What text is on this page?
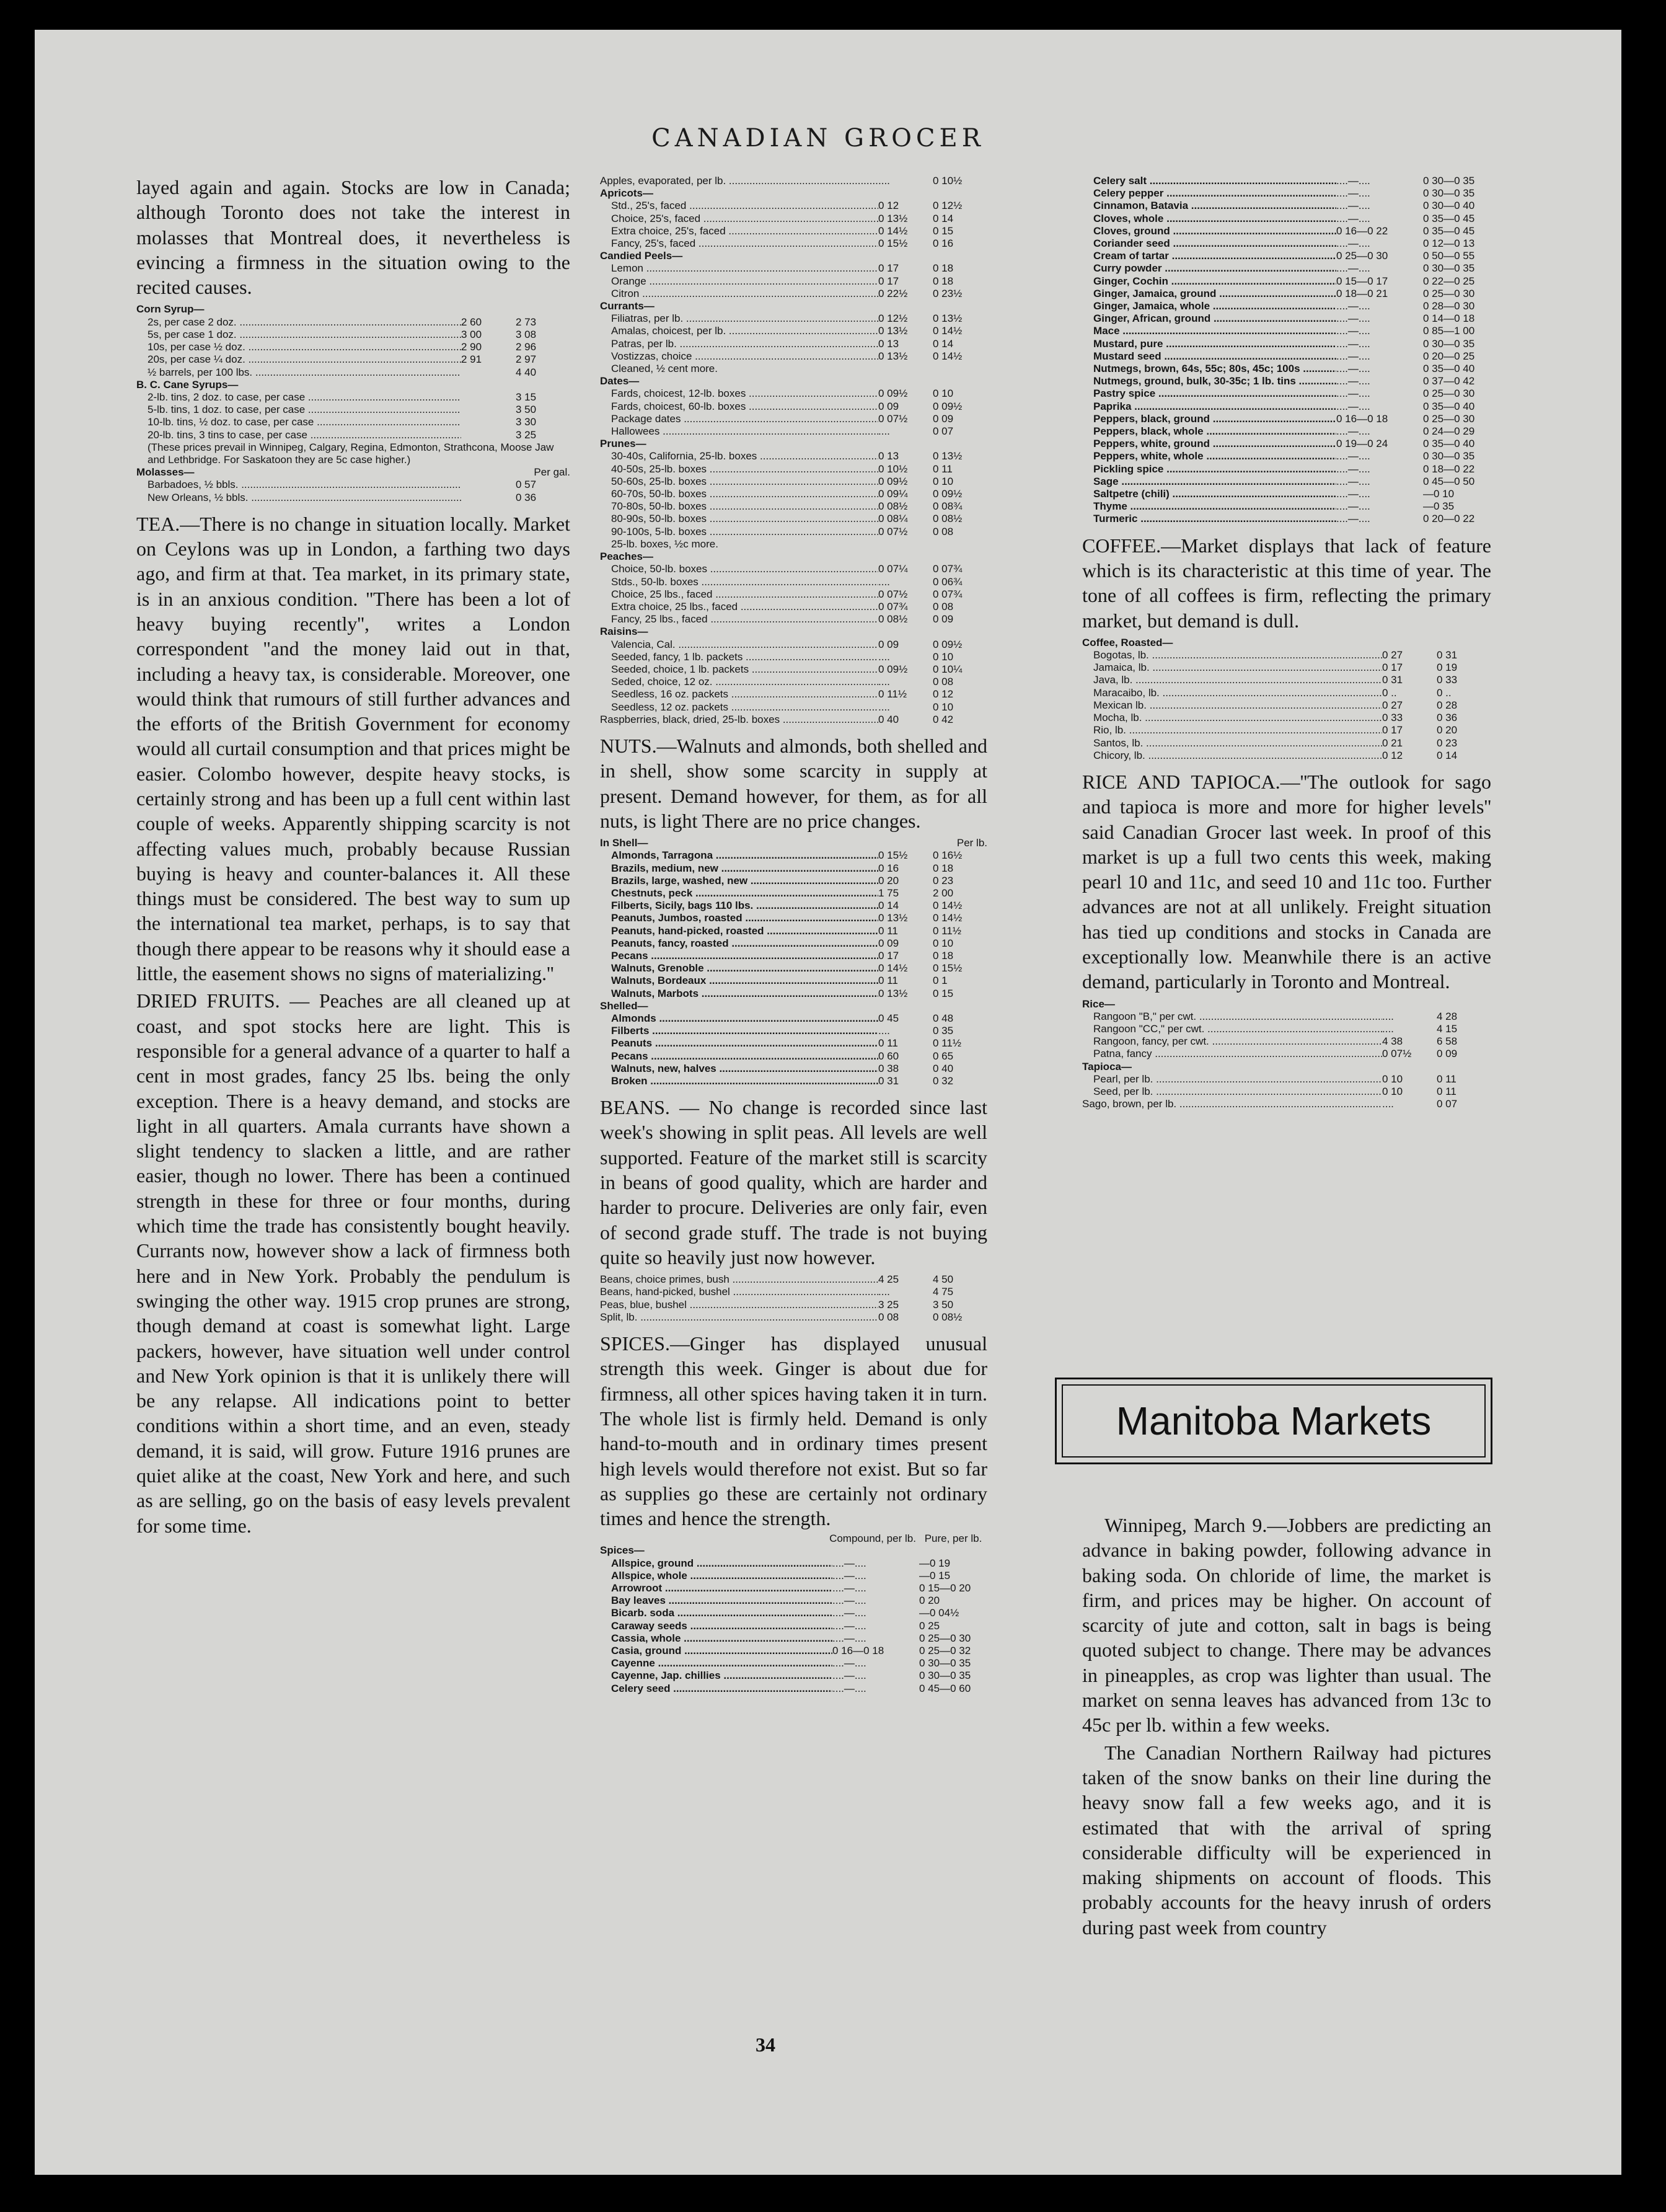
CANADIAN GROCER

layed again and again. Stocks are low in Canada; although Toronto does not take the interest in molasses that Montreal does, it nevertheless is evincing a firmness in the situation owing to the recited causes.

Corn Syrup—
2s, per case 2 doz. .....	2 60	2 73
5s, per case 1 doz. .....	3 00	3 08
10s, per case ½ doz. .....	2 90	2 96
20s, per case ¼ doz. .....	2 91	2 97
½ barrels, per 100 lbs. .....	4 40
B. C. Cane Syrups—
2-lb. tins, 2 doz. to case, per case .....	3 15
5-lb. tins, 1 doz. to case, per case .....	3 50
10-lb. tins, ½ doz. to case, per case .....	3 30
20-lb. tins, 3 tins to case, per case .....	3 25
(These prices prevail in Winnipeg, Calgary, Regina, Edmonton, Strathcona, Moose Jaw and Lethbridge. For Saskatoon they are 5c case higher.)
Molasses—	Per gal.
Barbadoes, ½ bbls. .....	0 57
New Orleans, ½ bbls. .....	0 36

TEA.—There is no change in situation locally. Market on Ceylons was up in London, a farthing two days ago, and firm at that. Tea market, in its primary state, is in an anxious condition. ''There has been a lot of heavy buying recently'', writes a London correspondent ''and the money laid out in that, including a heavy tax, is considerable. Moreover, one would think that rumours of still further advances and the efforts of the British Government for economy would all curtail consumption and that prices might be easier. Colombo however, despite heavy stocks, is certainly strong and has been up a full cent within last couple of weeks. Apparently shipping scarcity is not affecting values much, probably because Russian buying is heavy and counter-balances it. All these things must be considered. The best way to sum up the international tea market, perhaps, is to say that though there appear to be reasons why it should ease a little, the easement shows no signs of materializing.''

DRIED FRUITS. — Peaches are all cleaned up at coast, and spot stocks here are light. This is responsible for a general advance of a quarter to half a cent in most grades, fancy 25 lbs. being the only exception. There is a heavy demand, and stocks are light in all quarters. Amala currants have shown a slight tendency to slacken a little, and are rather easier, though no lower. There has been a continued strength in these for three or four months, during which time the trade has consistently bought heavily. Currants now, however show a lack of firmness both here and in New York. Probably the pendulum is swinging the other way. 1915 crop prunes are strong, though demand at coast is somewhat light. Large packers, however, have situation well under control and New York opinion is that it is unlikely there will be any relapse. All indications point to better conditions within a short time, and an even, steady demand, it is said, will grow. Future 1916 prunes are quiet alike at the coast, New York and here, and such as are selling, go on the basis of easy levels prevalent for some time.

Apples, evaporated, per lb. .....	....	0 10½
Apricots—
Std., 25's, faced .....	0 12	0 12½
Choice, 25's, faced .....	0 13½	0 14
Extra choice, 25's, faced .....	0 14½	0 15
Fancy, 25's, faced .....	0 15½	0 16
Candied Peels—
Lemon .....	0 17	0 18
Orange .....	0 17	0 18
Citron .....	0 22½	0 23½
Currants—
Filiatras, per lb. .....	0 12½	0 13½
Amalas, choicest, per lb. .....	0 13½	0 14½
Patras, per lb. .....	0 13	0 14
Vostizzas, choice .....	0 13½	0 14½
Cleaned, ½ cent more.
Dates—
Fards, choicest, 12-lb. boxes .....	0 09½	0 10
Fards, choicest, 60-lb. boxes .....	0 09	0 09½
Package dates .....	0 07½	0 09
Hallowees .....	....	0 07
Prunes—
30-40s, California, 25-lb. boxes .....	0 13	0 13½
40-50s, 25-lb. boxes .....	0 10½	0 11
50-60s, 25-lb. boxes .....	0 09½	0 10
60-70s, 50-lb. boxes .....	0 09¼	0 09½
70-80s, 50-lb. boxes .....	0 08½	0 08¾
80-90s, 50-lb. boxes .....	0 08¼	0 08½
90-100s, 5-lb. boxes .....	0 07½	0 08
25-lb. boxes, ½c more.
Peaches—
Choice, 50-lb. boxes .....	0 07¼	0 07¾
Stds., 50-lb. boxes .....	....	0 06¾
Choice, 25 lbs., faced .....	0 07½	0 07¾
Extra choice, 25 lbs., faced .....	0 07¾	0 08
Fancy, 25 lbs., faced .....	0 08½	0 09
Raisins—
Valencia, Cal. .....	0 09	0 09½
Seeded, fancy, 1 lb. packets .....	....	0 10
Seeded, choice, 1 lb. packets .....	0 09½	0 10¼
Seded, choice, 12 oz. .....	....	0 08
Seedless, 16 oz. packets .....	0 11½	0 12
Seedless, 12 oz. packets .....	....	0 10
Raspberries, black, dried, 25-lb. boxes .....	0 40	0 42

NUTS.—Walnuts and almonds, both shelled and in shell, show some scarcity in supply at present. Demand however, for them, as for all nuts, is light There are no price changes.

In Shell—	Per lb.
Almonds, Tarragona .....	0 15½	0 16½
Brazils, medium, new .....	0 16	0 18
Brazils, large, washed, new .....	0 20	0 23
Chestnuts, peck .....	1 75	2 00
Filberts, Sicily, bags 110 lbs. .....	0 14	0 14½
Peanuts, Jumbos, roasted .....	0 13½	0 14½
Peanuts, hand-picked, roasted .....	0 11	0 11½
Peanuts, fancy, roasted .....	0 09	0 10
Pecans .....	0 17	0 18
Walnuts, Grenoble .....	0 14½	0 15½
Walnuts, Bordeaux .....	0 11	0 1
Walnuts, Marbots .....	0 13½	0 15
Shelled—
Almonds .....	0 45	0 48
Filberts .....	....	0 35
Peanuts .....	0 11	0 11½
Pecans .....	0 60	0 65
Walnuts, new, halves .....	0 38	0 40
Broken .....	0 31	0 32

BEANS. — No change is recorded since last week's showing in split peas. All levels are well supported. Feature of the market still is scarcity in beans of good quality, which are harder and harder to procure. Deliveries are only fair, even of second grade stuff. The trade is not buying quite so heavily just now however.

Beans, choice primes, bush .....	4 25	4 50
Beans, hand-picked, bushel .....	....	4 75
Peas, blue, bushel .....	3 25	3 50
Split, lb. .....	0 08	0 08½

SPICES.—Ginger has displayed unusual strength this week. Ginger is about due for firmness, all other spices having taken it in turn. The whole list is firmly held. Demand is only hand-to-mouth and in ordinary times present high levels would therefore not exist. But so far as supplies go these are certainly not ordinary times and hence the strength.

Compound, per lb. Pure, per lb.
Spices—
Allspice, ground .....	....—....	—0 19
Allspice, whole .....	....—....	—0 15
Arrowroot .....	....—....	0 15—0 20
Bay leaves .....	....—....	0 20
Bicarb. soda .....	....—....	—0 04½
Caraway seeds .....	....—....	0 25
Cassia, whole .....	....—....	0 25—0 30
Casia, ground .....	0 16—0 18	0 25—0 32
Cayenne .....	....—....	0 30—0 35
Cayenne, Jap. chillies .....	....—....	0 30—0 35
Celery seed .....	....—....	0 45—0 60
Celery salt .....	....—....	0 30—0 35
Celery pepper .....	....—....	0 30—0 35
Cinnamon, Batavia .....	....—....	0 30—0 40
Cloves, whole .....	....—....	0 35—0 45
Cloves, ground .....	0 16—0 22	0 35—0 45
Coriander seed .....	....—....	0 12—0 13
Cream of tartar .....	0 25—0 30	0 50—0 55
Curry powder .....	....—....	0 30—0 35
Ginger, Cochin .....	0 15—0 17	0 22—0 25
Ginger, Jamaica, ground .....	0 18—0 21	0 25—0 30
Ginger, Jamaica, whole .....	....—....	0 28—0 30
Ginger, African, ground .....	....—....	0 14—0 18
Mace .....	....—....	0 85—1 00
Mustard, pure .....	....—....	0 30—0 35
Mustard seed .....	....—....	0 20—0 25
Nutmegs, brown, 64s, 55c; 80s, 45c; 100s .....	....—....	0 35—0 40
Nutmegs, ground, bulk, 30-35c; 1 lb. tins .....	....—....	0 37—0 42
Pastry spice .....	....—....	0 25—0 30
Paprika .....	....—....	0 35—0 40
Peppers, black, ground .....	0 16—0 18	0 25—0 30
Peppers, black, whole .....	....—....	0 24—0 29
Peppers, white, ground .....	0 19—0 24	0 35—0 40
Peppers, white, whole .....	....—....	0 30—0 35
Pickling spice .....	....—....	0 18—0 22
Sage .....	....—....	0 45—0 50
Saltpetre (chili) .....	....—....	—0 10
Thyme .....	....—....	—0 35
Turmeric .....	....—....	0 20—0 22

COFFEE.—Market displays that lack of feature which is its characteristic at this time of year. The tone of all coffees is firm, reflecting the primary market, but demand is dull.

Coffee, Roasted—
Bogotas, lb. .....	0 27	0 31
Jamaica, lb. .....	0 17	0 19
Java, lb. .....	0 31	0 33
Maracaibo, lb. .....	0 ..	0 ..
Mexican lb. .....	0 27	0 28
Mocha, lb. .....	0 33	0 36
Rio, lb. .....	0 17	0 20
Santos, lb. .....	0 21	0 23
Chicory, lb. .....	0 12	0 14

RICE AND TAPIOCA.—''The outlook for sago and tapioca is more and more for higher levels'' said Canadian Grocer last week. In proof of this market is up a full two cents this week, making pearl 10 and 11c, and seed 10 and 11c too. Further advances are not at all unlikely. Freight situation has tied up conditions and stocks in Canada are exceptionally low. Meanwhile there is an active demand, particularly in Toronto and Montreal.

Rice—
Rangoon "B," per cwt. .....	....	4 28
Rangoon "CC," per cwt. .....	....	4 15
Rangoon, fancy, per cwt. .....	4 38	6 58
Patna, fancy .....	0 07½	0 09
Tapioca—
Pearl, per lb. .....	0 10	0 11
Seed, per lb. .....	0 10	0 11
Sago, brown, per lb. .....	....	0 07
Manitoba Markets

Winnipeg, March 9.—Jobbers are predicting an advance in baking powder, following advance in baking soda. On chloride of lime, the market is firm, and prices may be higher. On account of scarcity of jute and cotton, salt in bags is being quoted subject to change. There may be advances in pineapples, as crop was lighter than usual. The market on senna leaves has advanced from 13c to 45c per lb. within a few weeks.

The Canadian Northern Railway had pictures taken of the snow banks on their line during the heavy snow fall a few weeks ago, and it is estimated that with the arrival of spring considerable difficulty will be experienced in making shipments on account of floods. This probably accounts for the heavy inrush of orders during past week from country

34
